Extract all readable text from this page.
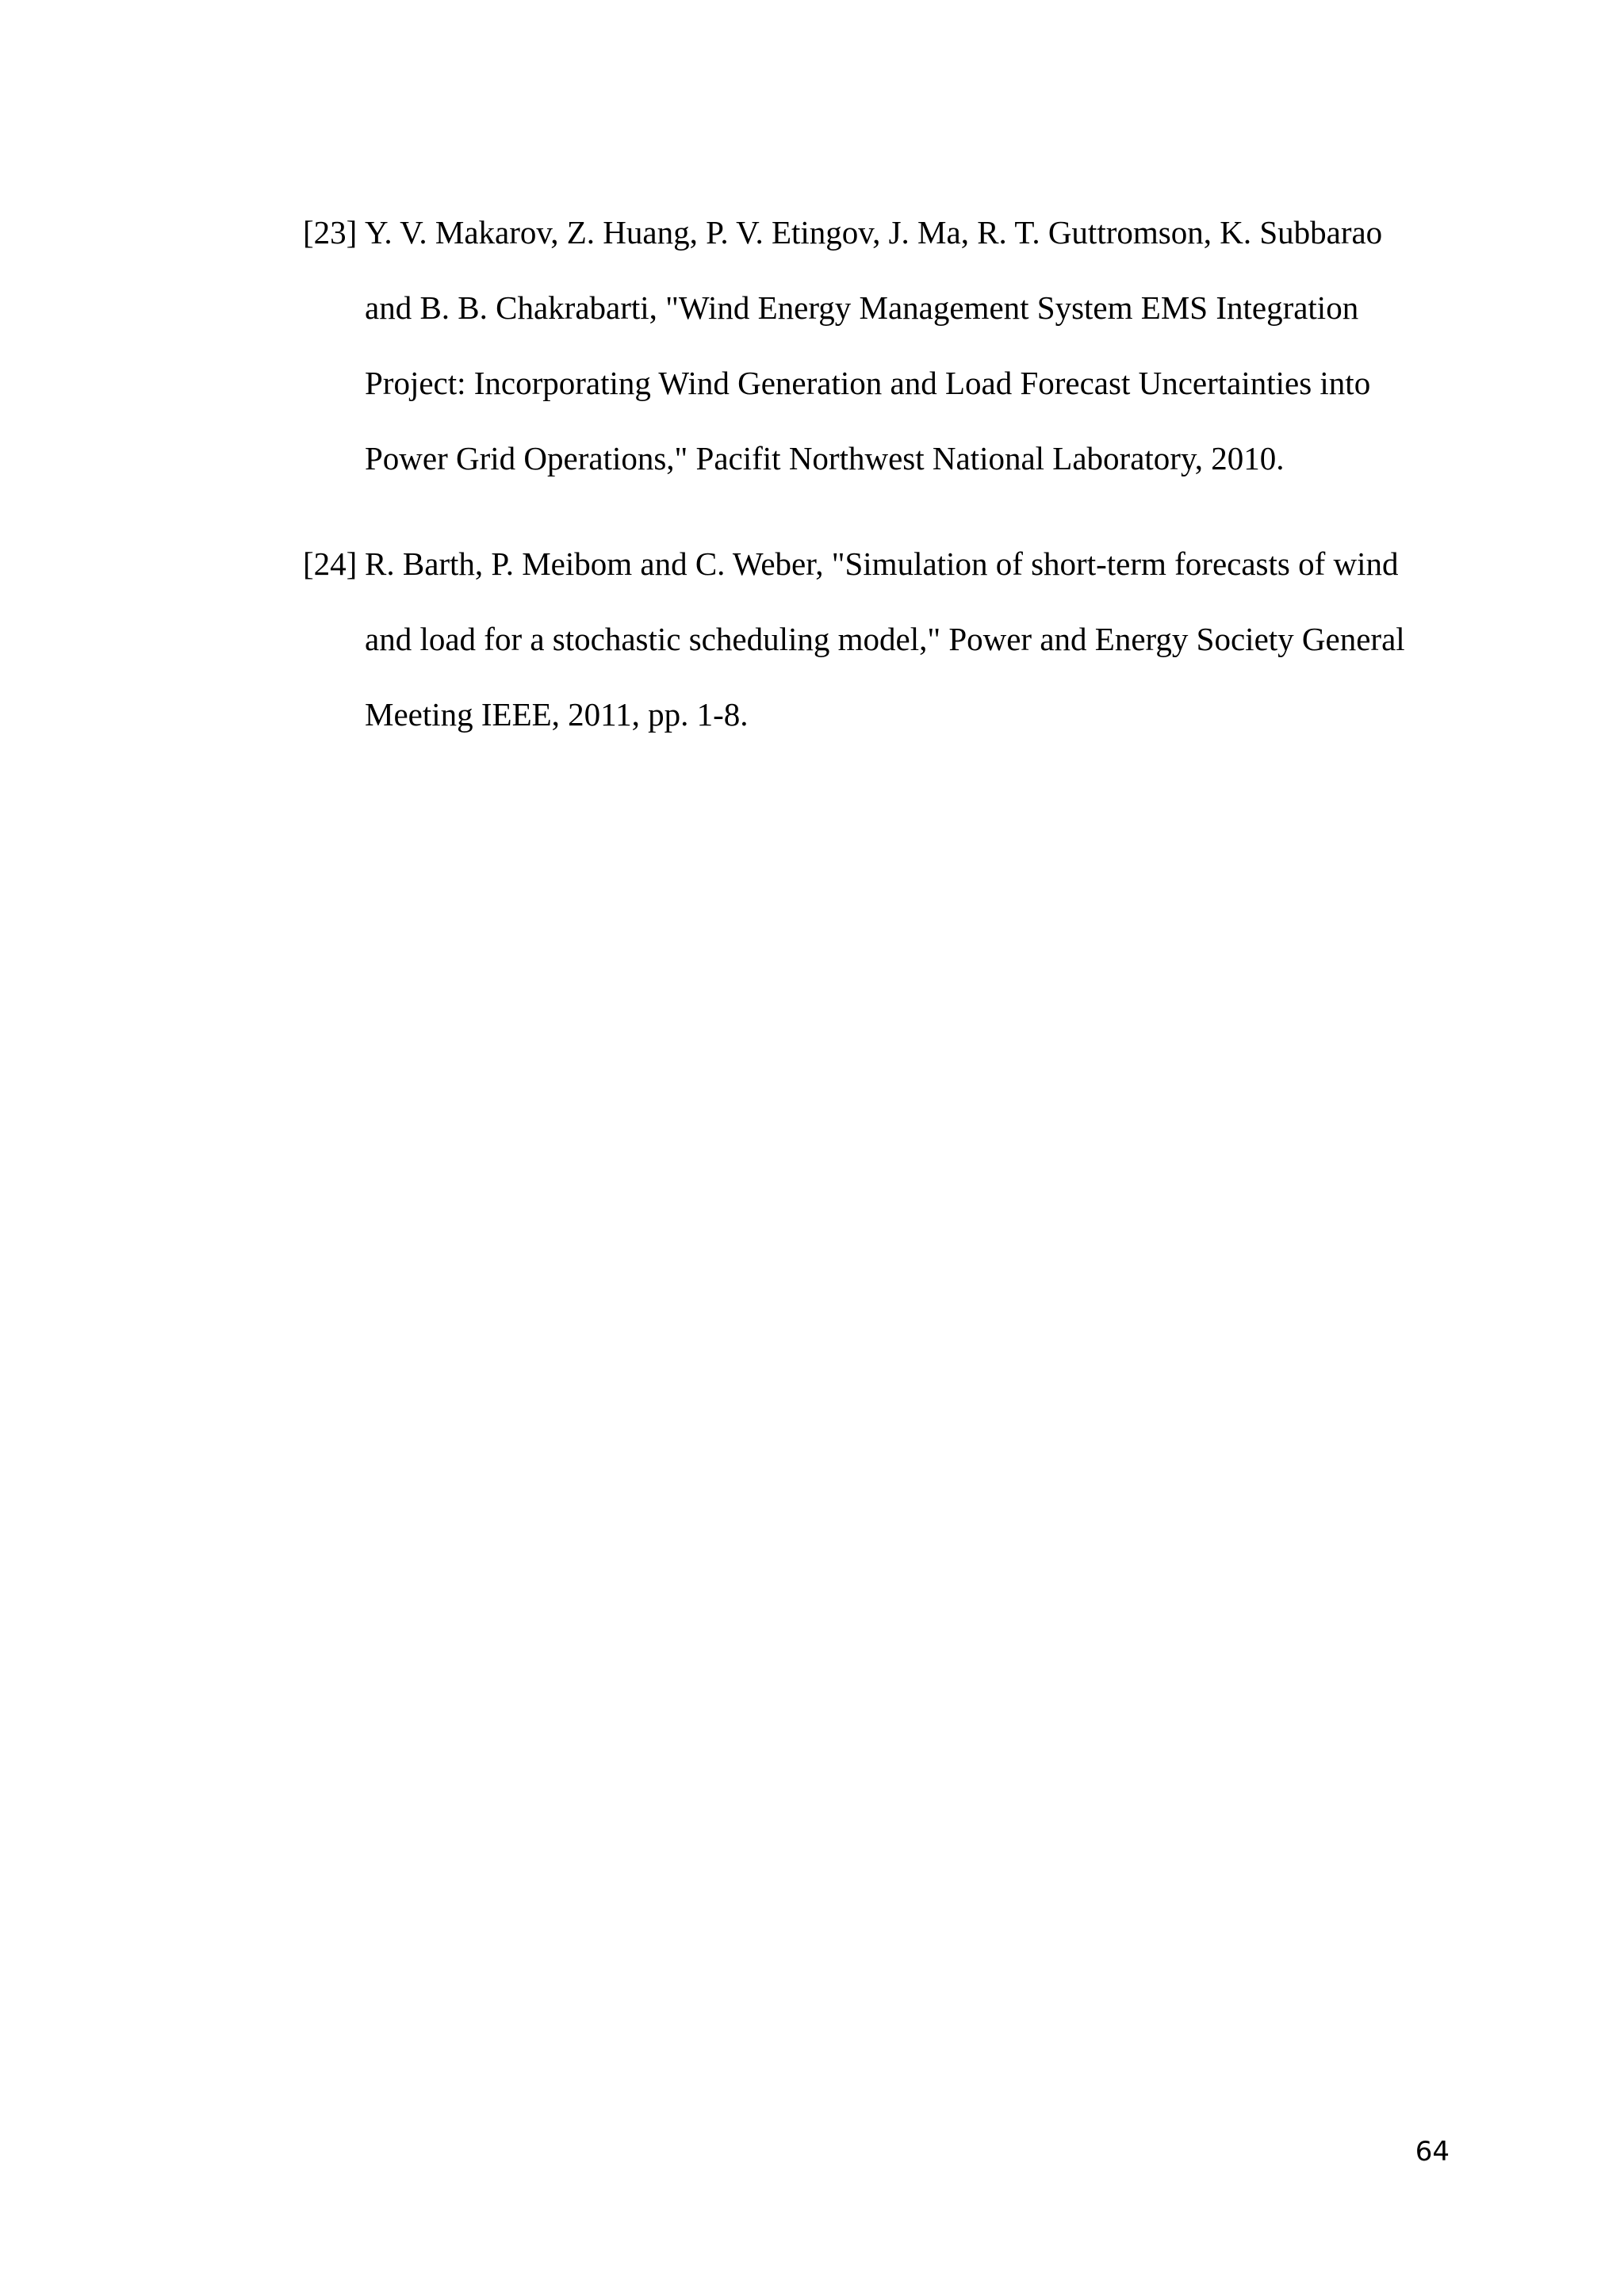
[23] Y. V. Makarov, Z. Huang, P. V. Etingov, J. Ma, R. T. Guttromson, K. Subbarao
and B. B. Chakrabarti, "Wind Energy Management System EMS Integration
Project: Incorporating Wind Generation and Load Forecast Uncertainties into
Power Grid Operations," Pacifit Northwest National Laboratory, 2010.
[24] R. Barth, P. Meibom and C. Weber, "Simulation of short-term forecasts of wind
and load for a stochastic scheduling model," Power and Energy Society General
Meeting IEEE, 2011, pp. 1-8.
64
